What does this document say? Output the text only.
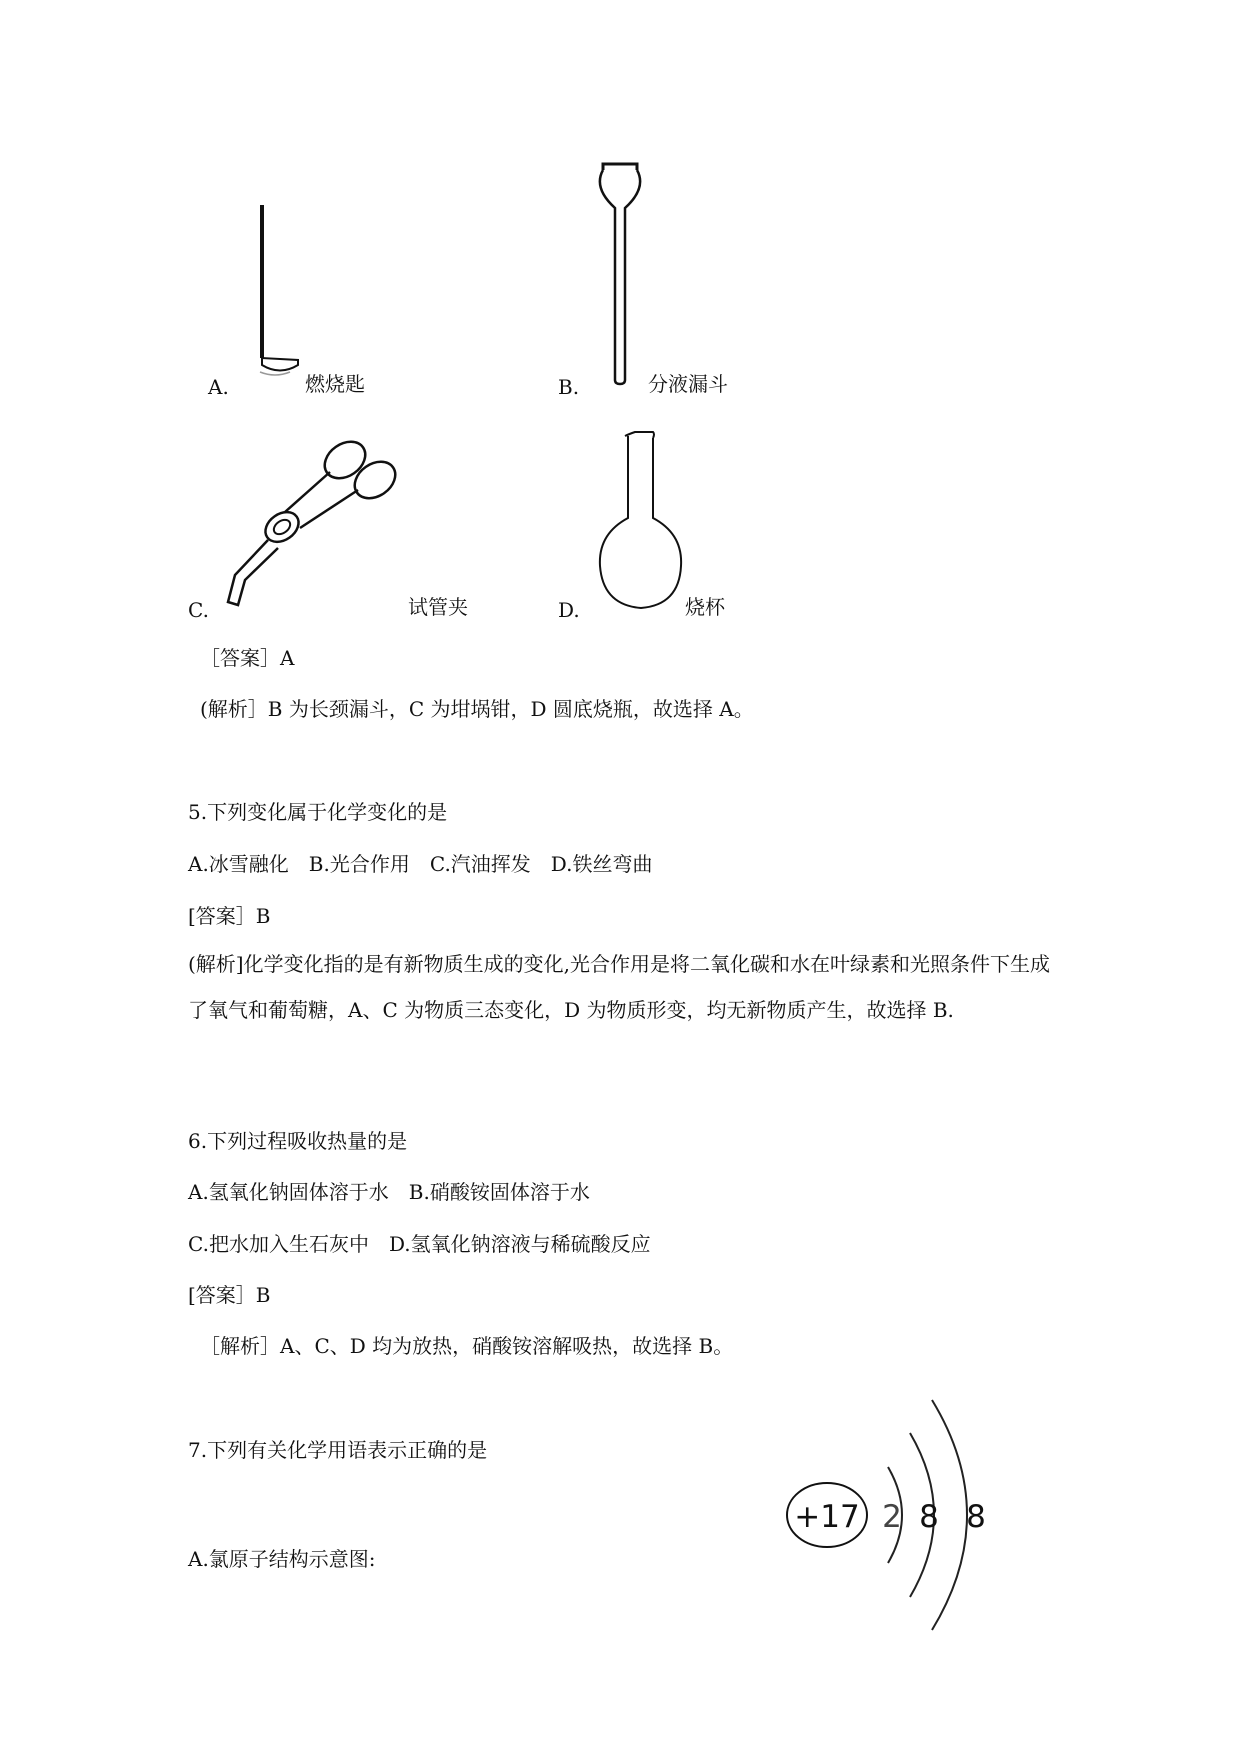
A.	燃烧匙	B.	分液漏斗
C.	试管夹	D.	烧杯
［答案］A
(解析］B 为长颈漏斗，C 为坩埚钳，D 圆底烧瓶，故选择 A。
5.下列变化属于化学变化的是
A.冰雪融化　B.光合作用　C.汽油挥发　D.铁丝弯曲
[答案］B
(解析]化学变化指的是有新物质生成的变化,光合作用是将二氧化碳和水在叶绿素和光照条件下生成了氧气和葡萄糖，A、C 为物质三态变化，D 为物质形变，均无新物质产生，故选择 B.
6.下列过程吸收热量的是
A.氢氧化钠固体溶于水　B.硝酸铵固体溶于水
C.把水加入生石灰中　D.氢氧化钠溶液与稀硫酸反应
[答案］B
［解析］A、C、D 均为放热，硝酸铵溶解吸热，故选择 B。
7.下列有关化学用语表示正确的是
A.氯原子结构示意图:
+17 2 8 8
